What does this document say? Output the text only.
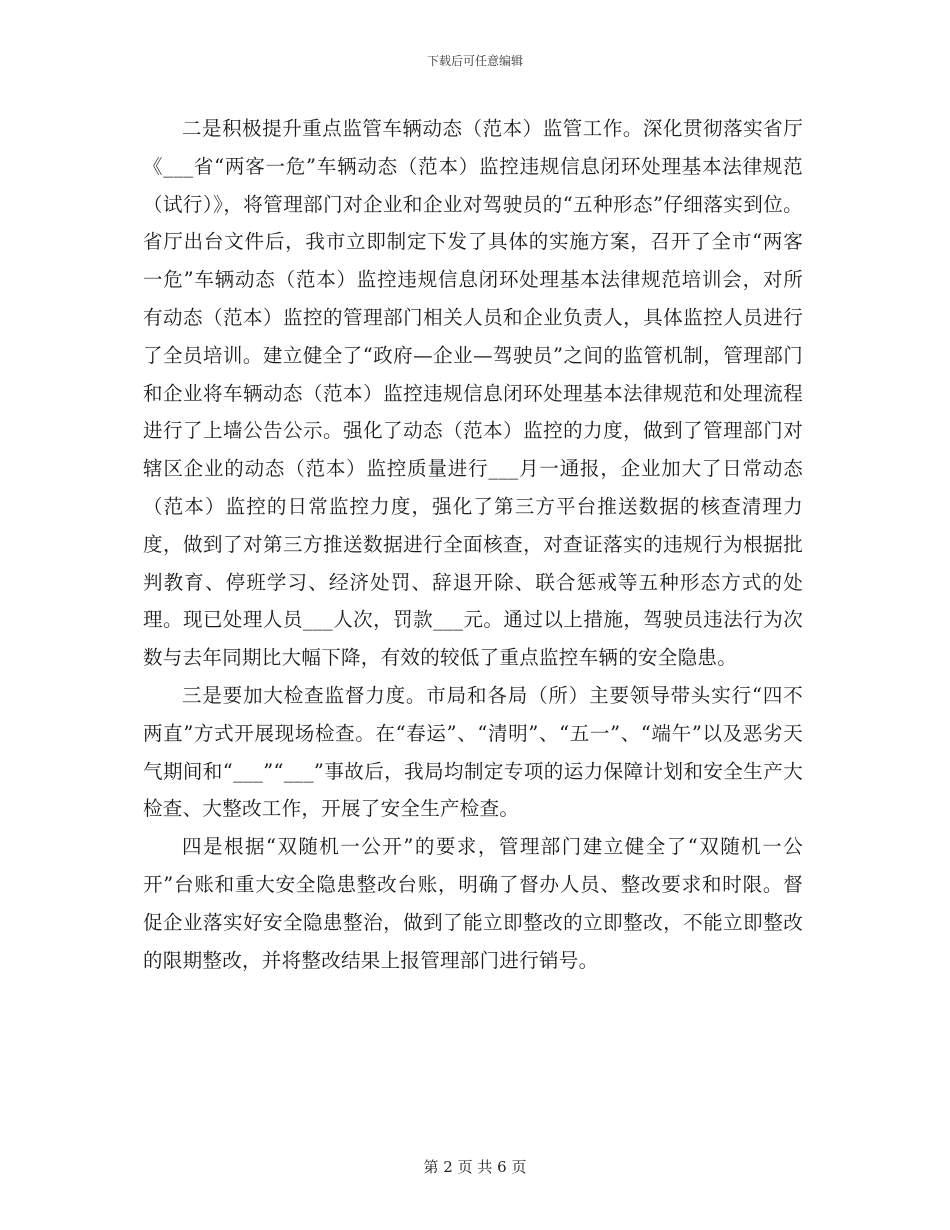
下载后可任意编辑

二是积极提升重点监管车辆动态（范本）监管工作。深化贯彻落实省厅《___省“两客一危”车辆动态（范本）监控违规信息闭环处理基本法律规范（试行）》，将管理部门对企业和企业对驾驶员的“五种形态”仔细落实到位。省厅出台文件后，我市立即制定下发了具体的实施方案，召开了全市“两客一危”车辆动态（范本）监控违规信息闭环处理基本法律规范培训会，对所有动态（范本）监控的管理部门相关人员和企业负责人，具体监控人员进行了全员培训。建立健全了“政府—企业—驾驶员”之间的监管机制，管理部门和企业将车辆动态（范本）监控违规信息闭环处理基本法律规范和处理流程进行了上墙公告公示。强化了动态（范本）监控的力度，做到了管理部门对辖区企业的动态（范本）监控质量进行___月一通报，企业加大了日常动态（范本）监控的日常监控力度，强化了第三方平台推送数据的核查清理力度，做到了对第三方推送数据进行全面核查，对查证落实的违规行为根据批判教育、停班学习、经济处罚、辞退开除、联合惩戒等五种形态方式的处理。现已处理人员___人次，罚款___元。通过以上措施，驾驶员违法行为次数与去年同期比大幅下降，有效的较低了重点监控车辆的安全隐患。

三是要加大检查监督力度。市局和各局（所）主要领导带头实行“四不两直”方式开展现场检查。在“春运”、“清明”、“五一”、“端午”以及恶劣天气期间和“___”“___”事故后，我局均制定专项的运力保障计划和安全生产大检查、大整改工作，开展了安全生产检查。

四是根据“双随机一公开”的要求，管理部门建立健全了“双随机一公开”台账和重大安全隐患整改台账，明确了督办人员、整改要求和时限。督促企业落实好安全隐患整治，做到了能立即整改的立即整改，不能立即整改的限期整改，并将整改结果上报管理部门进行销号。

第 2 页 共 6 页
